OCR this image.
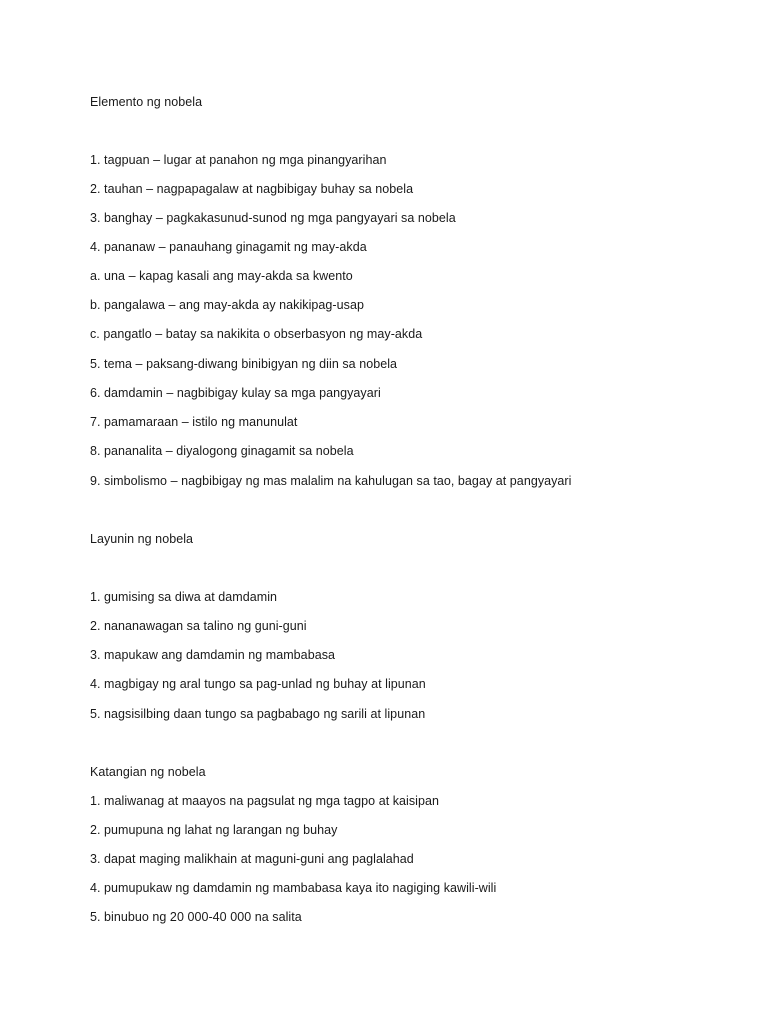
Elemento ng nobela
1. tagpuan – lugar at panahon ng mga pinangyarihan
2. tauhan – nagpapagalaw at nagbibigay buhay sa nobela
3. banghay – pagkakasunud-sunod ng mga pangyayari sa nobela
4. pananaw – panauhang ginagamit ng may-akda
a. una – kapag kasali ang may-akda sa kwento
b. pangalawa – ang may-akda ay nakikipag-usap
c. pangatlo – batay sa nakikita o obserbasyon ng may-akda
5. tema – paksang-diwang binibigyan ng diin sa nobela
6. damdamin – nagbibigay kulay sa mga pangyayari
7. pamamaraan – istilo ng manunulat
8. pananalita – diyalogong ginagamit sa nobela
9. simbolismo – nagbibigay ng mas malalim na kahulugan sa tao, bagay at pangyayari
Layunin ng nobela
1. gumising sa diwa at damdamin
2. nananawagan sa talino ng guni-guni
3. mapukaw ang damdamin ng mambabasa
4. magbigay ng aral tungo sa pag-unlad ng buhay at lipunan
5. nagsisilbing daan tungo sa pagbabago ng sarili at lipunan
Katangian ng nobela
1. maliwanag at maayos na pagsulat ng mga tagpo at kaisipan
2. pumupuna ng lahat ng larangan ng buhay
3. dapat maging malikhain at maguni-guni ang paglalahad
4. pumupukaw ng damdamin ng mambabasa kaya ito nagiging kawili-wili
5. binubuo ng 20 000-40 000 na salita
